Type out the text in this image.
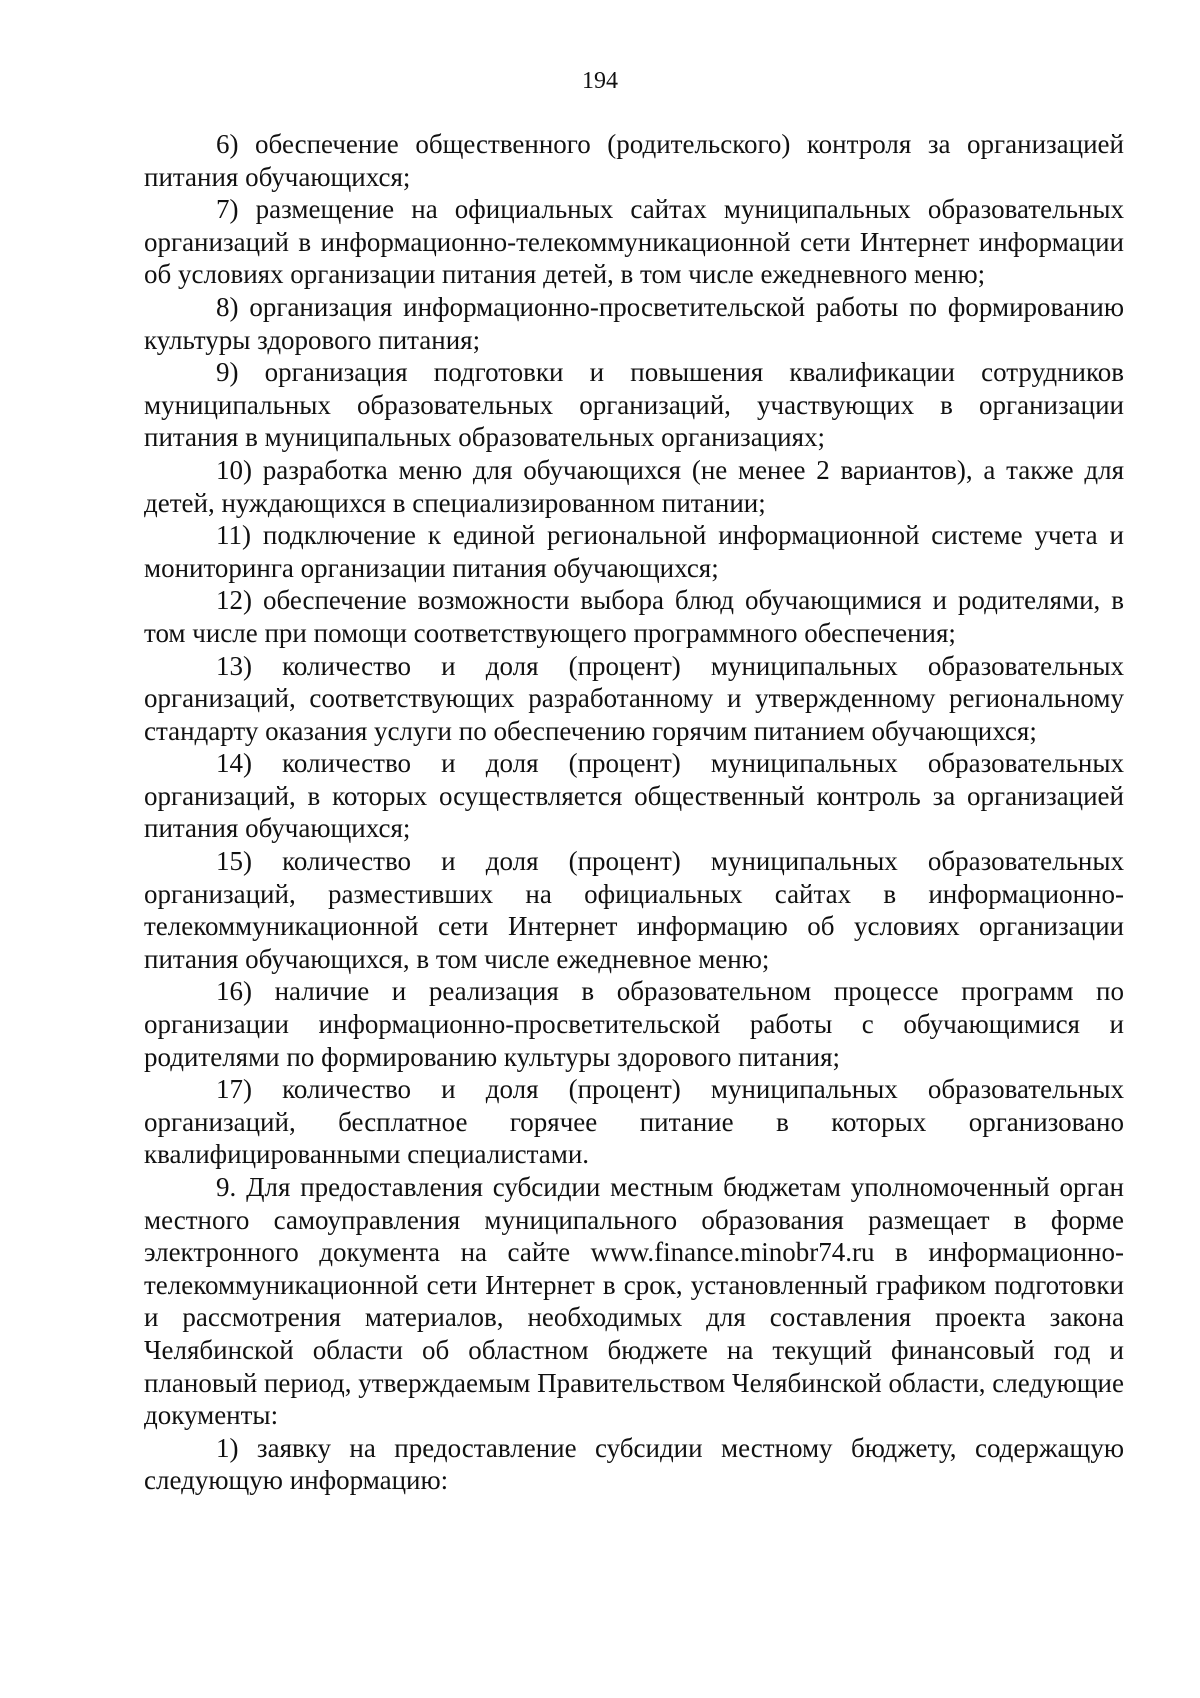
194

6) обеспечение общественного (родительского) контроля за организацией питания обучающихся;

7) размещение на официальных сайтах муниципальных образовательных организаций в информационно-телекоммуникационной сети Интернет информации об условиях организации питания детей, в том числе ежедневного меню;

8) организация информационно-просветительской работы по формированию культуры здорового питания;

9) организация подготовки и повышения квалификации сотрудников муниципальных образовательных организаций, участвующих в организации питания в муниципальных образовательных организациях;

10) разработка меню для обучающихся (не менее 2 вариантов), а также для детей, нуждающихся в специализированном питании;

11) подключение к единой региональной информационной системе учета и мониторинга организации питания обучающихся;

12) обеспечение возможности выбора блюд обучающимися и родителями, в том числе при помощи соответствующего программного обеспечения;

13) количество и доля (процент) муниципальных образовательных организаций, соответствующих разработанному и утвержденному региональному стандарту оказания услуги по обеспечению горячим питанием обучающихся;

14) количество и доля (процент) муниципальных образовательных организаций, в которых осуществляется общественный контроль за организацией питания обучающихся;

15) количество и доля (процент) муниципальных образовательных организаций, разместивших на официальных сайтах в информационно-телекоммуникационной сети Интернет информацию об условиях организации питания обучающихся, в том числе ежедневное меню;

16) наличие и реализация в образовательном процессе программ по организации информационно-просветительской работы с обучающимися и родителями по формированию культуры здорового питания;

17) количество и доля (процент) муниципальных образовательных организаций, бесплатное горячее питание в которых организовано квалифицированными специалистами.

9. Для предоставления субсидии местным бюджетам уполномоченный орган местного самоуправления муниципального образования размещает в форме электронного документа на сайте www.finance.minobr74.ru в информационно-телекоммуникационной сети Интернет в срок, установленный графиком подготовки и рассмотрения материалов, необходимых для составления проекта закона Челябинской области об областном бюджете на текущий финансовый год и плановый период, утверждаемым Правительством Челябинской области, следующие документы:

1) заявку на предоставление субсидии местному бюджету, содержащую следующую информацию:
